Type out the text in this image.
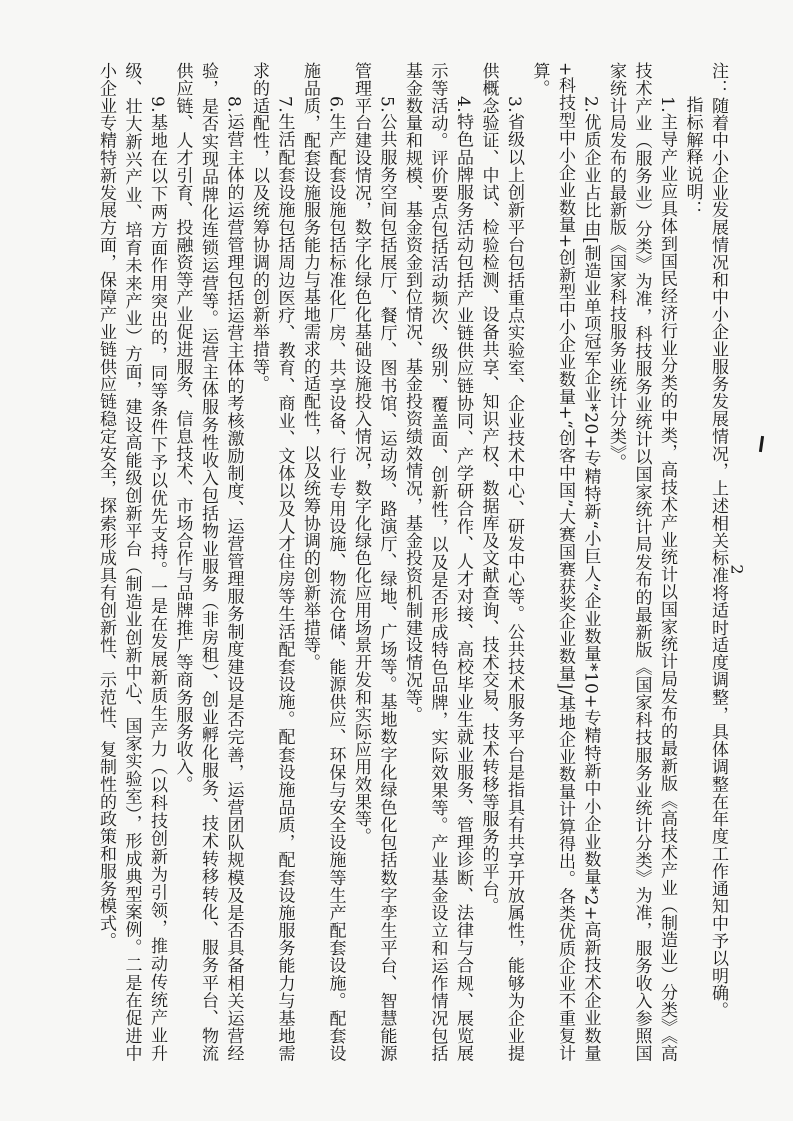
注：随着中小企业发展情况和中小企业服务发展情况，上述相关标准将适时适度调整，具体调整在年度工作通知中予以明确。

指标解释说明：

1.主导产业应具体到国民经济行业分类的中类，高技术产业统计以国家统计局发布的最新版《高技术产业（制造业）分类》《高技术产业（服务业）分类》为准，科技服务业统计以国家统计局发布的最新版《国家科技服务业统计分类》为准，服务收入参照国家统计局发布的最新版《国家科技服务业统计分类》。

2.优质企业占比由[制造业单项冠军企业*20+专精特新“小巨人”企业数量*10+专精特新中小企业数量*2+高新技术企业数量+科技型中小企业数量+创新型中小企业数量+“创客中国”大赛国赛获奖企业数量]/基地企业数量计算得出。各类优质企业不重复计算。

3.省级以上创新平台包括重点实验室、企业技术中心、研发中心等。公共技术服务平台是指具有共享开放属性，能够为企业提供概念验证、中试、检验检测、设备共享、知识产权、数据库及文献查询、技术交易、技术转移等服务的平台。

4.特色品牌服务活动包括产业链供应链协同、产学研合作、人才对接、高校毕业生就业服务、管理诊断、法律与合规、展览展示等活动。评价要点包括活动频次、级别、覆盖面、创新性，以及是否形成特色品牌，实际效果等。产业基金设立和运作情况包括基金数量和规模、基金资金到位情况、基金投资绩效情况，基金投资机制建设情况等。

5.公共服务空间包括展厅、餐厅、图书馆、运动场、路演厅、绿地、广场等。基地数字化绿色化包括数字孪生平台、智慧能源管理平台建设情况，数字化绿色化基础设施投入情况，数字化绿色化应用场景开发和实际应用效果等。

6.生产配套设施包括标准化厂房、共享设备、行业专用设施、物流仓储、能源供应、环保与安全设施等生产配套设施。配套设施品质，配套设施服务能力与基地需求的适配性，以及统筹协调的创新举措等。

7.生活配套设施包括周边医疗、教育、商业、文体以及人才住房等生活配套设施。配套设施品质，配套设施服务能力与基地需求的适配性，以及统筹协调的创新举措等。

8.运营主体的运营管理包括运营主体的考核激励制度、运营管理服务制度建设是否完善，运营团队规模及是否具备相关运营经验，是否实现品牌化连锁运营等。运营主体服务性收入包括物业服务（非房租）、创业孵化服务、技术转移转化、服务平台、物流供应链、人才引育、投融资等产业促进服务、信息技术、市场合作与品牌推广等商务服务收入。

9.基地在以下两方面作用突出的，同等条件下予以优先支持。一是在发展新质生产力（以科技创新为引领，推动传统产业升级、壮大新兴产业、培育未来产业）方面，建设高能级创新平台（制造业创新中心、国家实验室），形成典型案例。二是在促进中小企业专精特新发展方面，保障产业链供应链稳定安全，探索形成具有创新性、示范性、复制性的政策和服务模式。	2
